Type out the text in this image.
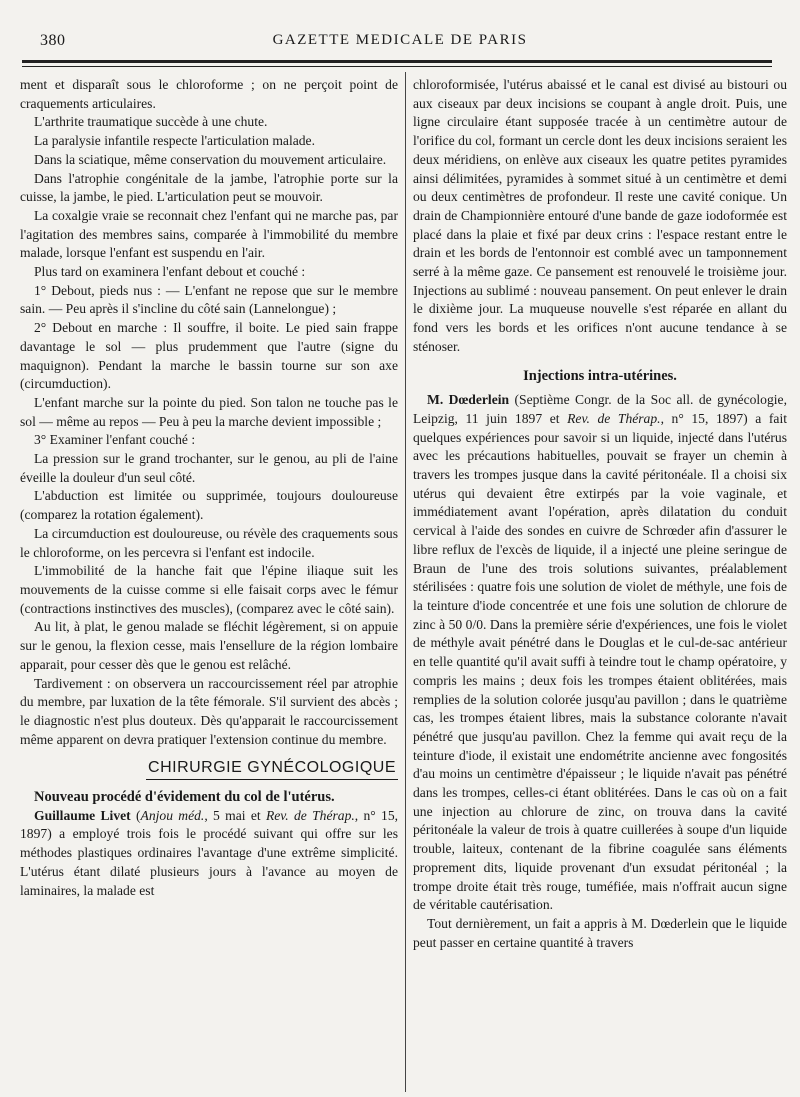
380	GAZETTE MEDICALE DE PARIS

ment et disparaît sous le chloroforme ; on ne perçoit point de craquements articulaires.

L'arthrite traumatique succède à une chute.

La paralysie infantile respecte l'articulation malade.

Dans la sciatique, même conservation du mouvement articulaire.

Dans l'atrophie congénitale de la jambe, l'atrophie porte sur la cuisse, la jambe, le pied. L'articulation peut se mouvoir.

La coxalgie vraie se reconnait chez l'enfant qui ne marche pas, par l'agitation des membres sains, comparée à l'immobilité du membre malade, lorsque l'enfant est suspendu en l'air.

Plus tard on examinera l'enfant debout et couché :

1° Debout, pieds nus : — L'enfant ne repose que sur le membre sain. — Peu après il s'incline du côté sain (Lannelongue) ;

2° Debout en marche : Il souffre, il boite. Le pied sain frappe davantage le sol — plus prudemment que l'autre (signe du maquignon). Pendant la marche le bassin tourne sur son axe (circumduction).

L'enfant marche sur la pointe du pied. Son talon ne touche pas le sol — même au repos — Peu à peu la marche devient impossible ;

3° Examiner l'enfant couché :

La pression sur le grand trochanter, sur le genou, au pli de l'aine éveille la douleur d'un seul côté.

L'abduction est limitée ou supprimée, toujours douloureuse (comparez la rotation également).

La circumduction est douloureuse, ou révèle des craquements sous le chloroforme, on les percevra si l'enfant est indocile.

L'immobilité de la hanche fait que l'épine iliaque suit les mouvements de la cuisse comme si elle faisait corps avec le fémur (contractions instinctives des muscles), (comparez avec le côté sain).

Au lit, à plat, le genou malade se fléchit légèrement, si on appuie sur le genou, la flexion cesse, mais l'ensellure de la région lombaire apparait, pour cesser dès que le genou est relâché.

Tardivement : on observera un raccourcissement réel par atrophie du membre, par luxation de la tête fémorale. S'il survient des abcès ; le diagnostic n'est plus douteux. Dès qu'apparait le raccourcissement même apparent on devra pratiquer l'extension continue du membre.

CHIRURGIE GYNÉCOLOGIQUE

Nouveau procédé d'évidement du col de l'utérus.

Guillaume Livet (Anjou méd., 5 mai et Rev. de Thérap., n° 15, 1897) a employé trois fois le procédé suivant qui offre sur les méthodes plastiques ordinaires l'avantage d'une extrême simplicité. L'utérus étant dilaté plusieurs jours à l'avance au moyen de laminaires, la malade est

chloroformisée, l'utérus abaissé et le canal est divisé au bistouri ou aux ciseaux par deux incisions se coupant à angle droit. Puis, une ligne circulaire étant supposée tracée à un centimètre autour de l'orifice du col, formant un cercle dont les deux incisions seraient les deux méridiens, on enlève aux ciseaux les quatre petites pyramides ainsi délimitées, pyramides à sommet situé à un centimètre et demi ou deux centimètres de profondeur. Il reste une cavité conique. Un drain de Championnière entouré d'une bande de gaze iodoformée est placé dans la plaie et fixé par deux crins : l'espace restant entre le drain et les bords de l'entonnoir est comblé avec un tamponnement serré à la même gaze. Ce pansement est renouvelé le troisième jour. Injections au sublimé : nouveau pansement. On peut enlever le drain le dixième jour. La muqueuse nouvelle s'est réparée en allant du fond vers les bords et les orifices n'ont aucune tendance à se sténoser.

Injections intra-utérines.

M. Dœderlein (Septième Congr. de la Soc all. de gynécologie, Leipzig, 11 juin 1897 et Rev. de Thérap., n° 15, 1897) a fait quelques expériences pour savoir si un liquide, injecté dans l'utérus avec les précautions habituelles, pouvait se frayer un chemin à travers les trompes jusque dans la cavité péritonéale. Il a choisi six utérus qui devaient être extirpés par la voie vaginale, et immédiatement avant l'opération, après dilatation du conduit cervical à l'aide des sondes en cuivre de Schrœder afin d'assurer le libre reflux de l'excès de liquide, il a injecté une pleine seringue de Braun de l'une des trois solutions suivantes, préalablement stérilisées : quatre fois une solution de violet de méthyle, une fois de la teinture d'iode concentrée et une fois une solution de chlorure de zinc à 50 0/0. Dans la première série d'expériences, une fois le violet de méthyle avait pénétré dans le Douglas et le cul-de-sac antérieur en telle quantité qu'il avait suffi à teindre tout le champ opératoire, y compris les mains ; deux fois les trompes étaient oblitérées, mais remplies de la solution colorée jusqu'au pavillon ; dans le quatrième cas, les trompes étaient libres, mais la substance colorante n'avait pénétré que jusqu'au pavillon. Chez la femme qui avait reçu de la teinture d'iode, il existait une endométrite ancienne avec fongosités d'au moins un centimètre d'épaisseur ; le liquide n'avait pas pénétré dans les trompes, celles-ci étant oblitérées. Dans le cas où on a fait une injection au chlorure de zinc, on trouva dans la cavité péritonéale la valeur de trois à quatre cuillerées à soupe d'un liquide trouble, laiteux, contenant de la fibrine coagulée sans éléments proprement dits, liquide provenant d'un exsudat péritonéal ; la trompe droite était très rouge, tuméfiée, mais n'offrait aucun signe de véritable cautérisation.

Tout dernièrement, un fait a appris à M. Dœderlein que le liquide peut passer en certaine quantité à travers
